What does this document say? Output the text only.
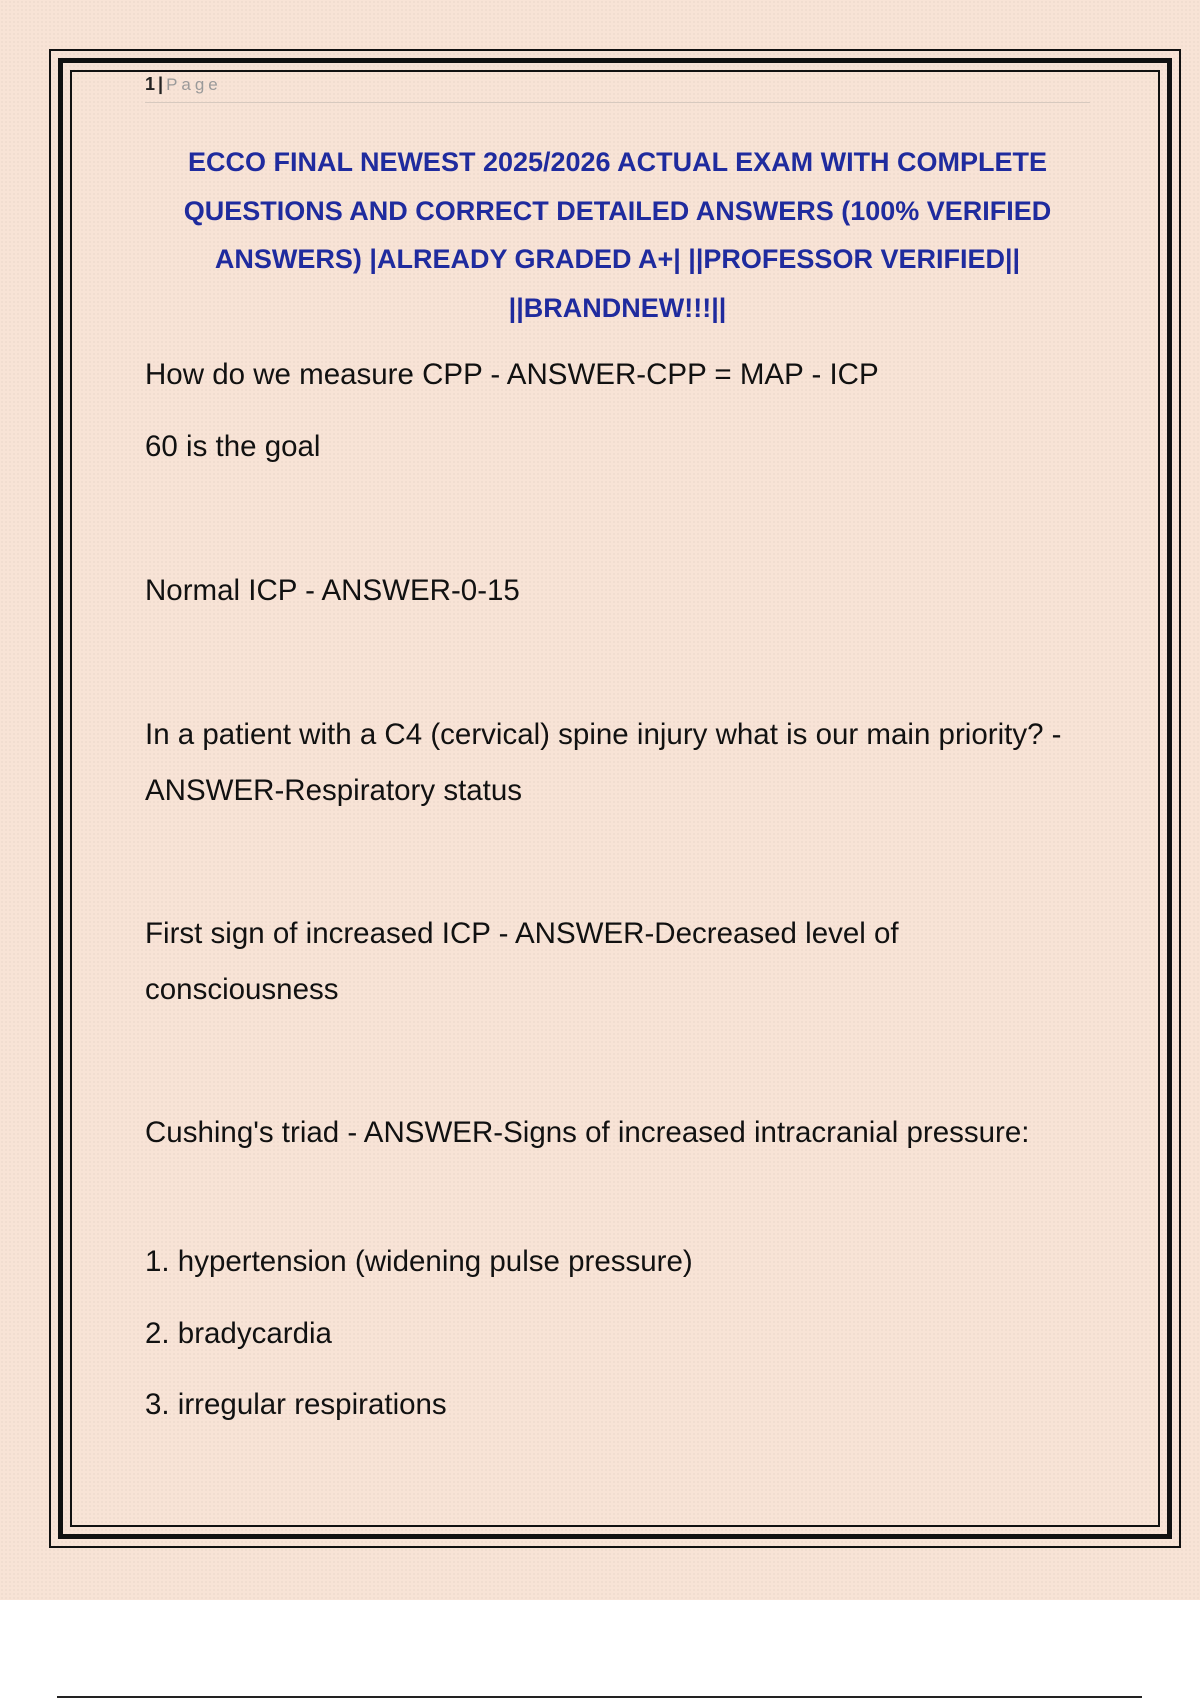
1 | Page
ECCO FINAL NEWEST 2025/2026 ACTUAL EXAM WITH COMPLETE QUESTIONS AND CORRECT DETAILED ANSWERS (100% VERIFIED ANSWERS) |ALREADY GRADED A+| ||PROFESSOR VERIFIED|| ||BRANDNEW!!!||

How do we measure CPP - ANSWER-CPP = MAP - ICP

60 is the goal

Normal ICP - ANSWER-0-15

In a patient with a C4 (cervical) spine injury what is our main priority? - ANSWER-Respiratory status

First sign of increased ICP - ANSWER-Decreased level of consciousness

Cushing's triad - ANSWER-Signs of increased intracranial pressure:

1. hypertension (widening pulse pressure)

2. bradycardia

3. irregular respirations
